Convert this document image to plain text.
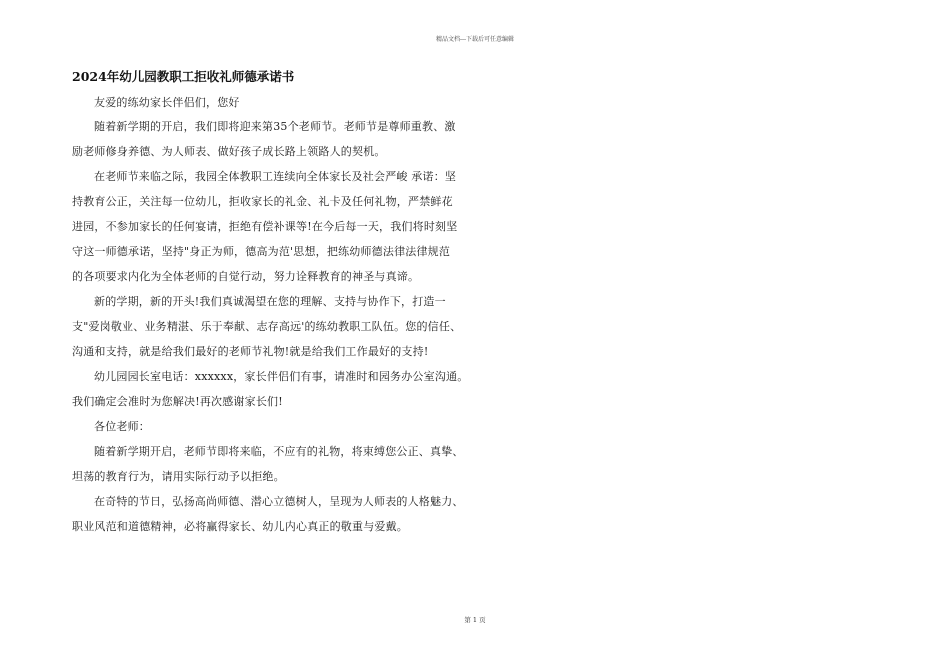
精品文档---下载后可任意编辑
2024年幼儿园教职工拒收礼师德承诺书
友爱的练幼家长伴侣们，您好
随着新学期的开启，我们即将迎来第35个老师节。老师节是尊师重教、激
励老师修身养德、为人师表、做好孩子成长路上领路人的契机。
在老师节来临之际，我园全体教职工连续向全体家长及社会严峻 承诺：坚
持教育公正，关注每一位幼儿，拒收家长的礼金、礼卡及任何礼物，严禁鲜花
进园，不参加家长的任何宴请，拒绝有偿补课等!在今后每一天，我们将时刻坚
守这一师德承诺，坚持"身正为师，德高为范'思想，把练幼师德法律法律规范
的各项要求内化为全体老师的自觉行动，努力诠释教育的神圣与真谛。
新的学期，新的开头!我们真诚渴望在您的理解、支持与协作下，打造一
支"爱岗敬业、业务精湛、乐于奉献、志存高远'的练幼教职工队伍。您的信任、
沟通和支持，就是给我们最好的老师节礼物!就是给我们工作最好的支持!
幼儿园园长室电话：xxxxxx，家长伴侣们有事，请准时和园务办公室沟通。
我们确定会准时为您解决!再次感谢家长们!
各位老师：
随着新学期开启，老师节即将来临，不应有的礼物，将束缚您公正、真挚、
坦荡的教育行为，请用实际行动予以拒绝。
在奇特的节日，弘扬高尚师德、潜心立德树人，呈现为人师表的人格魅力、
职业风范和道德精神，必将赢得家长、幼儿内心真正的敬重与爱戴。
第 1 页
